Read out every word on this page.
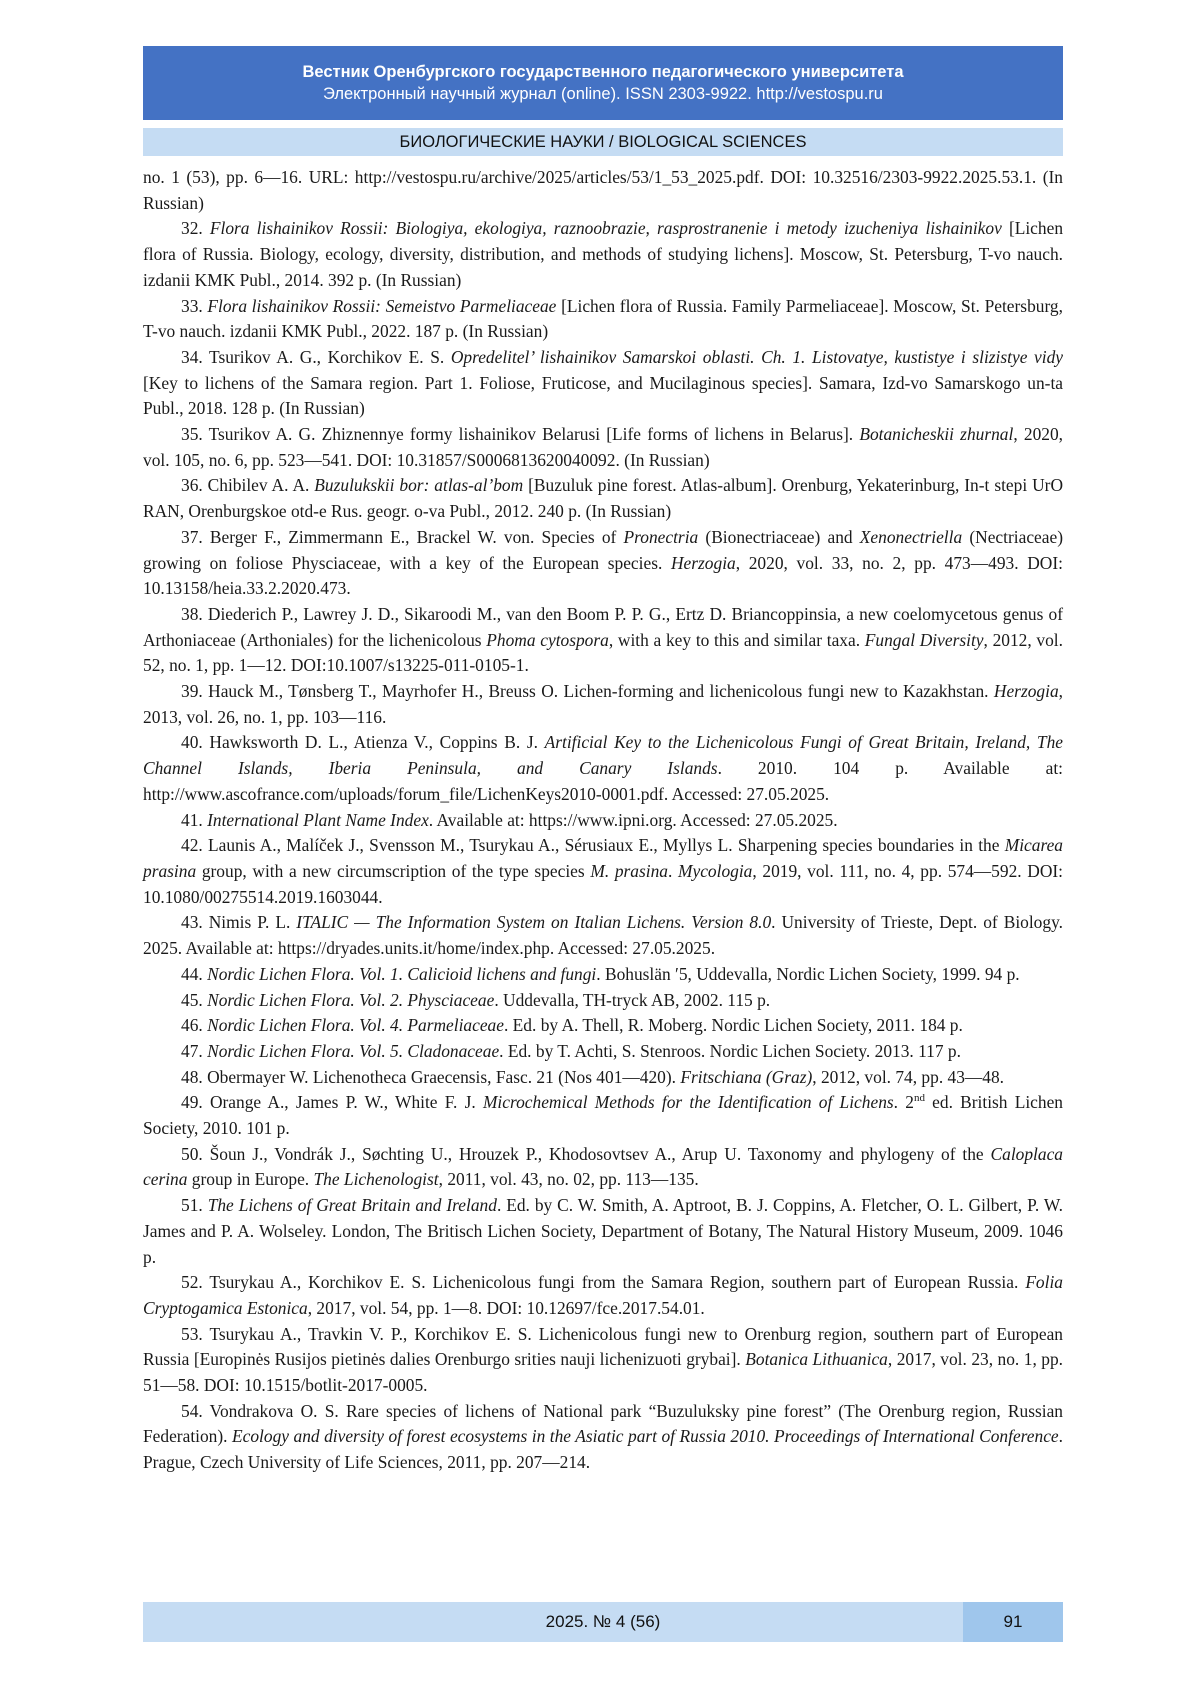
Вестник Оренбургского государственного педагогического университета
Электронный научный журнал (online). ISSN 2303-9922. http://vestospu.ru
БИОЛОГИЧЕСКИЕ НАУКИ / BIOLOGICAL SCIENCES

no. 1 (53), pp. 6—16. URL: http://vestospu.ru/archive/2025/articles/53/1_53_2025.pdf. DOI: 10.32516/2303-9922.2025.53.1. (In Russian)

32. Flora lishainikov Rossii: Biologiya, ekologiya, raznoobrazie, rasprostranenie i metody izucheniya lishainikov [Lichen flora of Russia. Biology, ecology, diversity, distribution, and methods of studying lichens]. Moscow, St. Petersburg, T-vo nauch. izdanii KMK Publ., 2014. 392 p. (In Russian)

33. Flora lishainikov Rossii: Semeistvo Parmeliaceae [Lichen flora of Russia. Family Parmeliaceae]. Moscow, St. Petersburg, T-vo nauch. izdanii KMK Publ., 2022. 187 p. (In Russian)

34. Tsurikov A. G., Korchikov E. S. Opredelitel’ lishainikov Samarskoi oblasti. Ch. 1. Listovatye, kustistye i slizistye vidy [Key to lichens of the Samara region. Part 1. Foliose, Fruticose, and Mucilaginous species]. Samara, Izd-vo Samarskogo un-ta Publ., 2018. 128 p. (In Russian)

35. Tsurikov A. G. Zhiznennye formy lishainikov Belarusi [Life forms of lichens in Belarus]. Botanicheskii zhurnal, 2020, vol. 105, no. 6, pp. 523—541. DOI: 10.31857/S0006813620040092. (In Russian)

36. Chibilev A. A. Buzulukskii bor: atlas-al’bom [Buzuluk pine forest. Atlas-album]. Orenburg, Yekaterinburg, In-t stepi UrO RAN, Orenburgskoe otd-e Rus. geogr. o-va Publ., 2012. 240 p. (In Russian)

37. Berger F., Zimmermann E., Brackel W. von. Species of Pronectria (Bionectriaceae) and Xenonectriella (Nectriaceae) growing on foliose Physciaceae, with a key of the European species. Herzogia, 2020, vol. 33, no. 2, pp. 473—493. DOI: 10.13158/heia.33.2.2020.473.

38. Diederich P., Lawrey J. D., Sikaroodi M., van den Boom P. P. G., Ertz D. Briancoppinsia, a new coelomycetous genus of Arthoniaceae (Arthoniales) for the lichenicolous Phoma cytospora, with a key to this and similar taxa. Fungal Diversity, 2012, vol. 52, no. 1, pp. 1—12. DOI:10.1007/s13225-011-0105-1.

39. Hauck M., Tønsberg T., Mayrhofer H., Breuss O. Lichen-forming and lichenicolous fungi new to Kazakhstan. Herzogia, 2013, vol. 26, no. 1, pp. 103—116.

40. Hawksworth D. L., Atienza V., Coppins B. J. Artificial Key to the Lichenicolous Fungi of Great Britain, Ireland, The Channel Islands, Iberia Peninsula, and Canary Islands. 2010. 104 p. Available at: http://www.ascofrance.com/uploads/forum_file/LichenKeys2010-0001.pdf. Accessed: 27.05.2025.

41. International Plant Name Index. Available at: https://www.ipni.org. Accessed: 27.05.2025.

42. Launis A., Malíček J., Svensson M., Tsurykau A., Sérusiaux E., Myllys L. Sharpening species boundaries in the Micarea prasina group, with a new circumscription of the type species M. prasina. Mycologia, 2019, vol. 111, no. 4, pp. 574—592. DOI: 10.1080/00275514.2019.1603044.

43. Nimis P. L. ITALIC — The Information System on Italian Lichens. Version 8.0. University of Trieste, Dept. of Biology. 2025. Available at: https://dryades.units.it/home/index.php. Accessed: 27.05.2025.

44. Nordic Lichen Flora. Vol. 1. Calicioid lichens and fungi. Bohuslän ′5, Uddevalla, Nordic Lichen Society, 1999. 94 p.

45. Nordic Lichen Flora. Vol. 2. Physciaceae. Uddevalla, TH-tryck AB, 2002. 115 p.

46. Nordic Lichen Flora. Vol. 4. Parmeliaceae. Ed. by A. Thell, R. Moberg. Nordic Lichen Society, 2011. 184 p.

47. Nordic Lichen Flora. Vol. 5. Cladonaceae. Ed. by T. Achti, S. Stenroos. Nordic Lichen Society. 2013. 117 p.

48. Obermayer W. Lichenotheca Graecensis, Fasc. 21 (Nos 401—420). Fritschiana (Graz), 2012, vol. 74, pp. 43—48.

49. Orange A., James P. W., White F. J. Microchemical Methods for the Identification of Lichens. 2nd ed. British Lichen Society, 2010. 101 p.

50. Šoun J., Vondrák J., Søchting U., Hrouzek P., Khodosovtsev A., Arup U. Taxonomy and phylogeny of the Caloplaca cerina group in Europe. The Lichenologist, 2011, vol. 43, no. 02, pp. 113—135.

51. The Lichens of Great Britain and Ireland. Ed. by C. W. Smith, A. Aptroot, B. J. Coppins, A. Fletcher, O. L. Gilbert, P. W. James and P. A. Wolseley. London, The Britisch Lichen Society, Department of Botany, The Natural History Museum, 2009. 1046 p.

52. Tsurykau A., Korchikov E. S. Lichenicolous fungi from the Samara Region, southern part of European Russia. Folia Cryptogamica Estonica, 2017, vol. 54, pp. 1—8. DOI: 10.12697/fce.2017.54.01.

53. Tsurykau A., Travkin V. P., Korchikov E. S. Lichenicolous fungi new to Orenburg region, southern part of European Russia [Europinės Rusijos pietinės dalies Orenburgo srities nauji lichenizuoti grybai]. Botanica Lithuanica, 2017, vol. 23, no. 1, pp. 51—58. DOI: 10.1515/botlit-2017-0005.

54. Vondrakova O. S. Rare species of lichens of National park “Buzuluksky pine forest” (The Orenburg region, Russian Federation). Ecology and diversity of forest ecosystems in the Asiatic part of Russia 2010. Proceedings of International Conference. Prague, Czech University of Life Sciences, 2011, pp. 207—214.

2025. № 4 (56)	91
